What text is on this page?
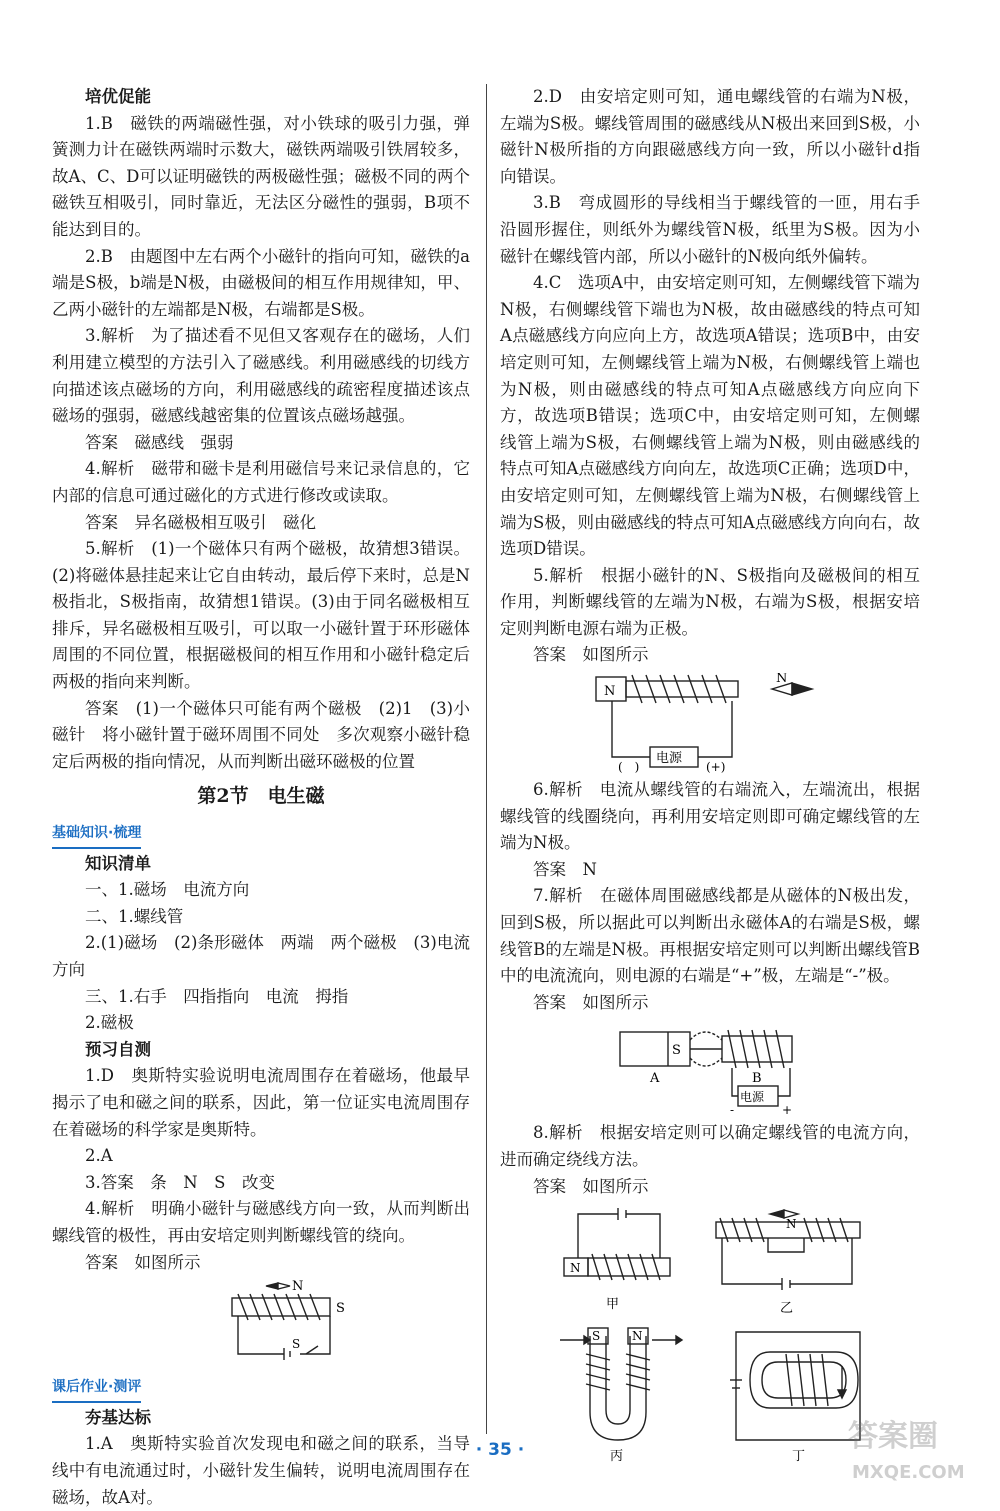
培优促能

1.B　磁铁的两端磁性强，对小铁球的吸引力强，弹簧测力计在磁铁两端时示数大，磁铁两端吸引铁屑较多，故A、C、D可以证明磁铁的两极磁性强；磁极不同的两个磁铁互相吸引，同时靠近，无法区分磁性的强弱，B项不能达到目的。

2.B　由题图中左右两个小磁针的指向可知，磁铁的a端是S极，b端是N极，由磁极间的相互作用规律知，甲、乙两小磁针的左端都是N极，右端都是S极。

3.解析　为了描述看不见但又客观存在的磁场，人们利用建立模型的方法引入了磁感线。利用磁感线的切线方向描述该点磁场的方向，利用磁感线的疏密程度描述该点磁场的强弱，磁感线越密集的位置该点磁场越强。

答案　磁感线　强弱

4.解析　磁带和磁卡是利用磁信号来记录信息的，它内部的信息可通过磁化的方式进行修改或读取。

答案　异名磁极相互吸引　磁化

5.解析　(1)一个磁体只有两个磁极，故猜想3错误。(2)将磁体悬挂起来让它自由转动，最后停下来时，总是N极指北，S极指南，故猜想1错误。(3)由于同名磁极相互排斥，异名磁极相互吸引，可以取一小磁针置于环形磁体周围的不同位置，根据磁极间的相互作用和小磁针稳定后两极的指向来判断。

答案　(1)一个磁体只可能有两个磁极　(2)1　(3)小磁针　将小磁针置于磁环周围不同处　多次观察小磁针稳定后两极的指向情况，从而判断出磁环磁极的位置

第2节　电生磁
基础知识·梳理
知识清单

一、1.磁场　电流方向

二、1.螺线管

2.(1)磁场　(2)条形磁体　两端　两个磁极　(3)电流方向

三、1.右手　四指指向　电流　拇指

2.磁极

预习自测

1.D　奥斯特实验说明电流周围存在着磁场，他最早揭示了电和磁之间的联系，因此，第一位证实电流周围存在着磁场的科学家是奥斯特。

2.A

3.答案　条　N　S　改变

4.解析　明确小磁针与磁感线方向一致，从而判断出螺线管的极性，再由安培定则判断螺线管的绕向。

答案　如图所示

N
S
S
课后作业·测评
夯基达标

1.A　奥斯特实验首次发现电和磁之间的联系，当导线中有电流通过时，小磁针发生偏转，说明电流周围存在磁场，故A对。

2.D　由安培定则可知，通电螺线管的右端为N极，左端为S极。螺线管周围的磁感线从N极出来回到S极，小磁针N极所指的方向跟磁感线方向一致，所以小磁针d指向错误。

3.B　弯成圆形的导线相当于螺线管的一匝，用右手沿圆形握住，则纸外为螺线管N极，纸里为S极。因为小磁针在螺线管内部，所以小磁针的N极向纸外偏转。

4.C　选项A中，由安培定则可知，左侧螺线管下端为N极，右侧螺线管下端也为N极，故由磁感线的特点可知A点磁感线方向应向上方，故选项A错误；选项B中，由安培定则可知，左侧螺线管上端为N极，右侧螺线管上端也为N极，则由磁感线的特点可知A点磁感线方向应向下方，故选项B错误；选项C中，由安培定则可知，左侧螺线管上端为S极，右侧螺线管上端为N极，则由磁感线的特点可知A点磁感线方向向左，故选项C正确；选项D中，由安培定则可知，左侧螺线管上端为N极，右侧螺线管上端为S极，则由磁感线的特点可知A点磁感线方向向右，故选项D错误。

5.解析　根据小磁针的N、S极指向及磁极间的相互作用，判断螺线管的左端为N极，右端为S极，根据安培定则判断电源右端为正极。

答案　如图所示

N
N
电源
(　)	(+)

6.解析　电流从螺线管的右端流入，左端流出，根据螺线管的线圈绕向，再利用安培定则即可确定螺线管的左端为N极。

答案　N

7.解析　在磁体周围磁感线都是从磁体的N极出发，回到S极，所以据此可以判断出永磁体A的右端是S极，螺线管B的左端是N极。再根据安培定则可以判断出螺线管B中的电流流向，则电源的右端是“+”极，左端是“-”极。

答案　如图所示

S
A	B
电源
-	+

8.解析　根据安培定则可以确定螺线管的电流方向，进而确定绕线方法。

答案　如图所示

N
N
S	N
甲	乙
丙	丁
· 35 ·	答案圈
MXQE.COM
